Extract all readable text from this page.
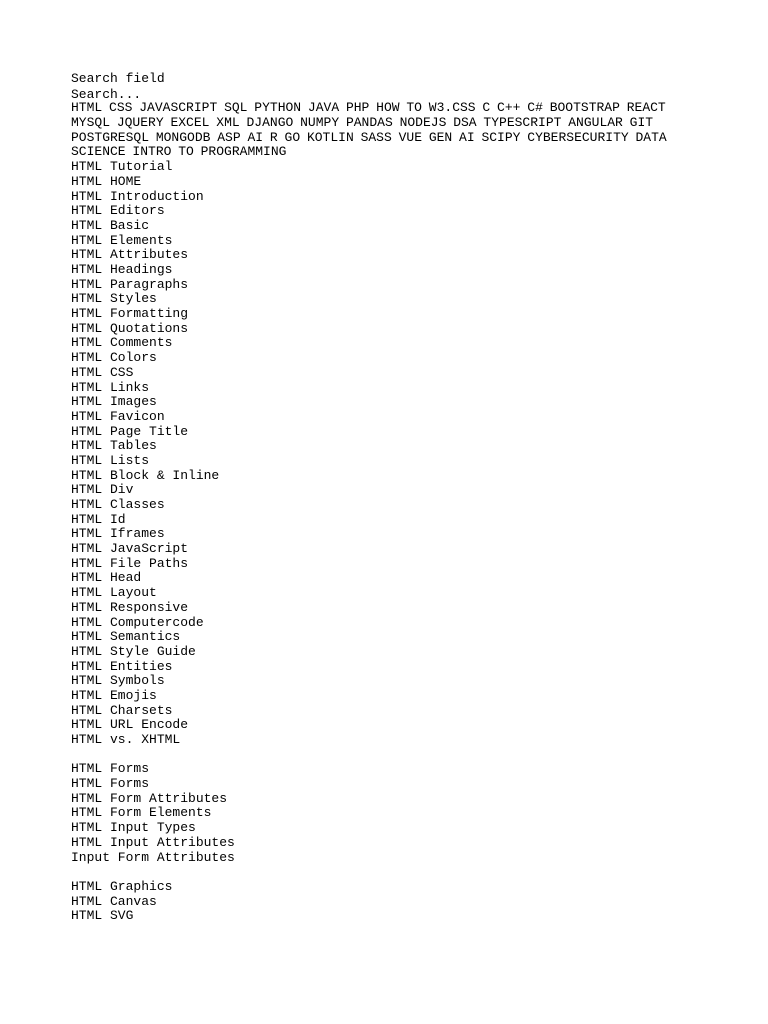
Search field
Search...
HTML CSS JAVASCRIPT SQL PYTHON JAVA PHP HOW TO W3.CSS C C++ C# BOOTSTRAP REACT MYSQL JQUERY EXCEL XML DJANGO NUMPY PANDAS NODEJS DSA TYPESCRIPT ANGULAR GIT POSTGRESQL MONGODB ASP AI R GO KOTLIN SASS VUE GEN AI SCIPY CYBERSECURITY DATA SCIENCE INTRO TO PROGRAMMING
HTML Tutorial
HTML HOME
HTML Introduction
HTML Editors
HTML Basic
HTML Elements
HTML Attributes
HTML Headings
HTML Paragraphs
HTML Styles
HTML Formatting
HTML Quotations
HTML Comments
HTML Colors
HTML CSS
HTML Links
HTML Images
HTML Favicon
HTML Page Title
HTML Tables
HTML Lists
HTML Block & Inline
HTML Div
HTML Classes
HTML Id
HTML Iframes
HTML JavaScript
HTML File Paths
HTML Head
HTML Layout
HTML Responsive
HTML Computercode
HTML Semantics
HTML Style Guide
HTML Entities
HTML Symbols
HTML Emojis
HTML Charsets
HTML URL Encode
HTML vs. XHTML
HTML Forms
HTML Forms
HTML Form Attributes
HTML Form Elements
HTML Input Types
HTML Input Attributes
Input Form Attributes
HTML Graphics
HTML Canvas
HTML SVG
